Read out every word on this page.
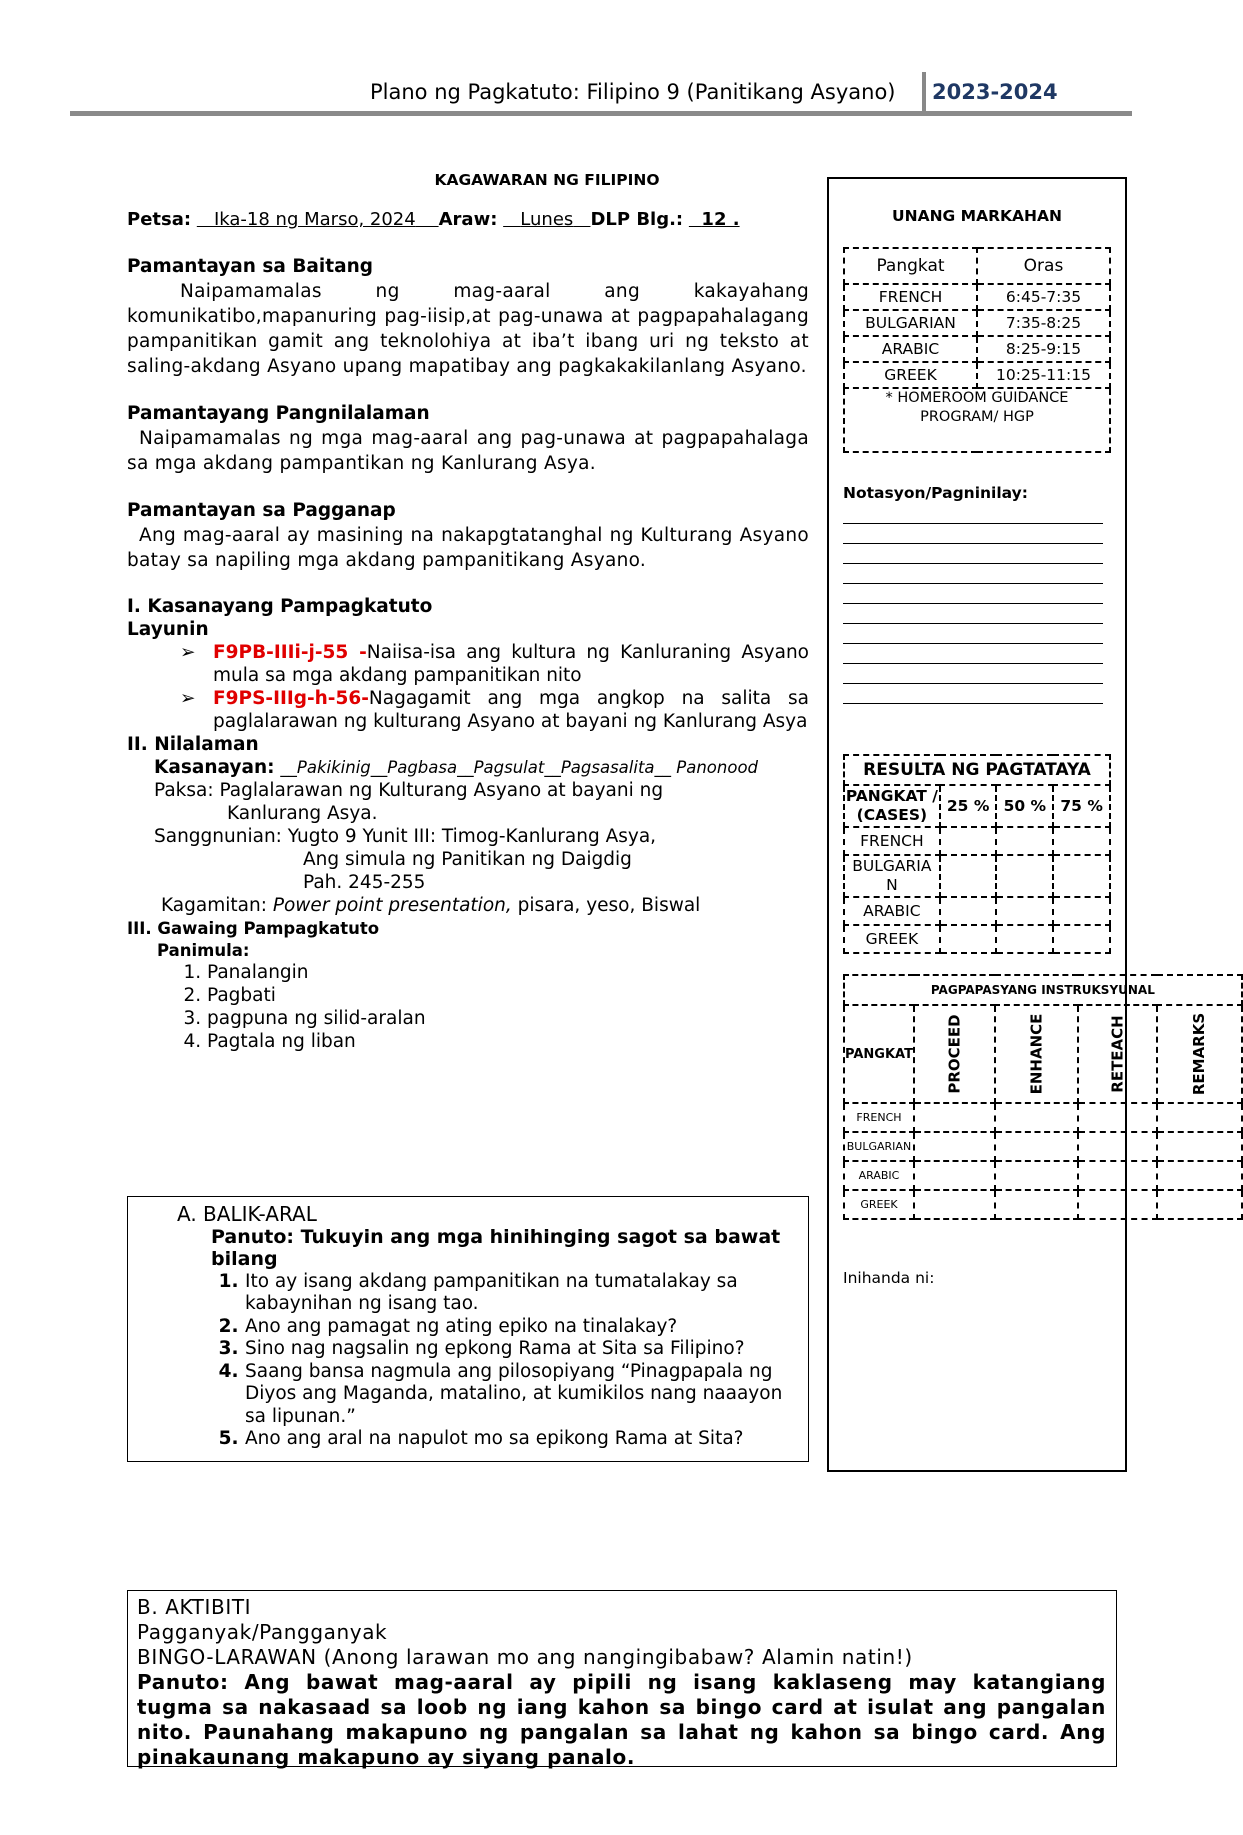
Plano ng Pagkatuto: Filipino 9 (Panitikang Asyano) 2023-2024
KAGAWARAN NG FILIPINO
Petsa: Ika-18 ng Marso, 2024 Araw: Lunes DLP Blg.: 12 .
Pamantayan sa Baitang
Naipamamalas ng mag-aaral ang kakayahang komunikatibo,mapanuring pag-iisip,at pag-unawa at pagpapahalagang pampanitikan gamit ang teknolohiya at iba’t ibang uri ng teksto at saling-akdang Asyano upang mapatibay ang pagkakakilanlang Asyano.
Pamantayang Pangnilalaman
Naipamamalas ng mga mag-aaral ang pag-unawa at pagpapahalaga sa mga akdang pampantikan ng Kanlurang Asya.
Pamantayan sa Pagganap
Ang mag-aaral ay masining na nakapgtatanghal ng Kulturang Asyano batay sa napiling mga akdang pampanitikang Asyano.
I. Kasanayang Pampagkatuto
Layunin
➢ F9PB-IIIi-j-55 -Naiisa-isa ang kultura ng Kanluraning Asyano mula sa mga akdang pampanitikan nito
➢ F9PS-IIIg-h-56-Nagagamit ang mga angkop na salita sa paglalarawan ng kulturang Asyano at bayani ng Kanlurang Asya
II. Nilalaman
Kasanayan: __Pakikinig__Pagbasa__Pagsulat__Pagsasalita__ Panonood
Paksa: Paglalarawan ng Kulturang Asyano at bayani ng
Kanlurang Asya.
Sanggnunian: Yugto 9 Yunit III: Timog-Kanlurang Asya,
Ang simula ng Panitikan ng Daigdig
Pah. 245-255
Kagamitan: Power point presentation, pisara, yeso, Biswal
III. Gawaing Pampagkatuto
Panimula:
1. Panalangin
2. Pagbati
3. pagpuna ng silid-aralan
4. Pagtala ng liban
A. BALIK-ARAL
Panuto: Tukuyin ang mga hinihinging sagot sa bawat bilang
1. Ito ay isang akdang pampanitikan na tumatalakay sa kabaynihan ng isang tao.
2. Ano ang pamagat ng ating epiko na tinalakay?
3. Sino nag nagsalin ng epkong Rama at Sita sa Filipino?
4. Saang bansa nagmula ang pilosopiyang “Pinagpapala ng Diyos ang Maganda, matalino, at kumikilos nang naaayon sa lipunan.”
5. Ano ang aral na napulot mo sa epikong Rama at Sita?
B. AKTIBITI
Pagganyak/Pangganyak
BINGO-LARAWAN (Anong larawan mo ang nangingibabaw? Alamin natin!)
Panuto: Ang bawat mag-aaral ay pipili ng isang kaklaseng may katangiang tugma sa nakasaad sa loob ng iang kahon sa bingo card at isulat ang pangalan nito. Paunahang makapuno ng pangalan sa lahat ng kahon sa bingo card. Ang pinakaunang makapuno ay siyang panalo.
UNANG MARKAHAN
Pangkat	Oras
FRENCH	6:45-7:35
BULGARIAN	7:35-8:25
ARABIC	8:25-9:15
GREEK	10:25-11:15
* HOMEROOM GUIDANCE PROGRAM/ HGP	
Notasyon/Pagninilay:
RESULTA NG PAGTATAYA			
PANGKAT / (CASES)	25 %	50 %	75 %
FRENCH			
BULGARIA N			
ARABIC			
GREEK			
PAGPAPASYANG INSTRUKSYUNAL				
PANGKAT	PROCEED	ENHANCE	RETEACH	REMARKS
FRENCH				
BULGARIAN				
ARABIC				
GREEK				
Inihanda ni:
